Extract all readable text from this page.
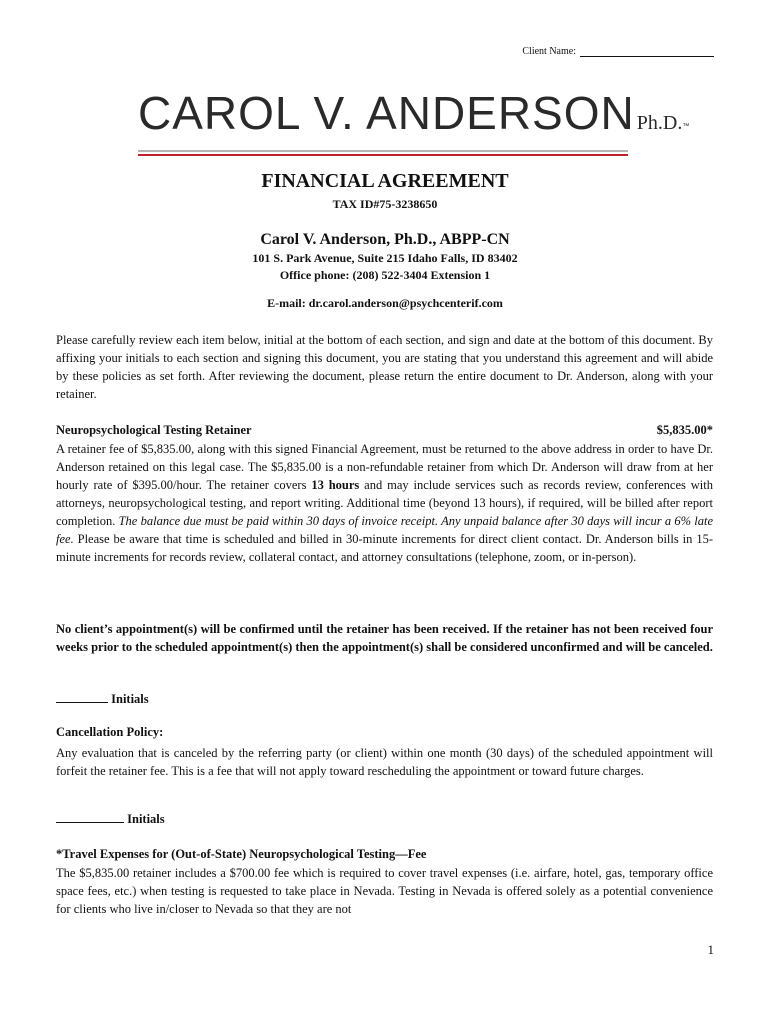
Client Name:
CAROL V. ANDERSON Ph.D.™
FINANCIAL AGREEMENT
TAX ID#75-3238650
Carol V. Anderson, Ph.D., ABPP-CN
101 S. Park Avenue, Suite 215 Idaho Falls, ID 83402
Office phone: (208) 522-3404 Extension 1
E-mail: dr.carol.anderson@psychcenterif.com
Please carefully review each item below, initial at the bottom of each section, and sign and date at the bottom of this document. By affixing your initials to each section and signing this document, you are stating that you understand this agreement and will abide by these policies as set forth. After reviewing the document, please return the entire document to Dr. Anderson, along with your retainer.
Neuropsychological Testing Retainer	$5,835.00*
A retainer fee of $5,835.00, along with this signed Financial Agreement, must be returned to the above address in order to have Dr. Anderson retained on this legal case. The $5,835.00 is a non-refundable retainer from which Dr. Anderson will draw from at her hourly rate of $395.00/hour. The retainer covers 13 hours and may include services such as records review, conferences with attorneys, neuropsychological testing, and report writing. Additional time (beyond 13 hours), if required, will be billed after report completion. The balance due must be paid within 30 days of invoice receipt. Any unpaid balance after 30 days will incur a 6% late fee. Please be aware that time is scheduled and billed in 30-minute increments for direct client contact. Dr. Anderson bills in 15-minute increments for records review, collateral contact, and attorney consultations (telephone, zoom, or in-person).
No client’s appointment(s) will be confirmed until the retainer has been received. If the retainer has not been received four weeks prior to the scheduled appointment(s) then the appointment(s) shall be considered unconfirmed and will be canceled.
Initials
Cancellation Policy:
Any evaluation that is canceled by the referring party (or client) within one month (30 days) of the scheduled appointment will forfeit the retainer fee. This is a fee that will not apply toward rescheduling the appointment or toward future charges.
Initials
*Travel Expenses for (Out-of-State) Neuropsychological Testing—Fee
The $5,835.00 retainer includes a $700.00 fee which is required to cover travel expenses (i.e. airfare, hotel, gas, temporary office space fees, etc.) when testing is requested to take place in Nevada. Testing in Nevada is offered solely as a potential convenience for clients who live in/closer to Nevada so that they are not
1
